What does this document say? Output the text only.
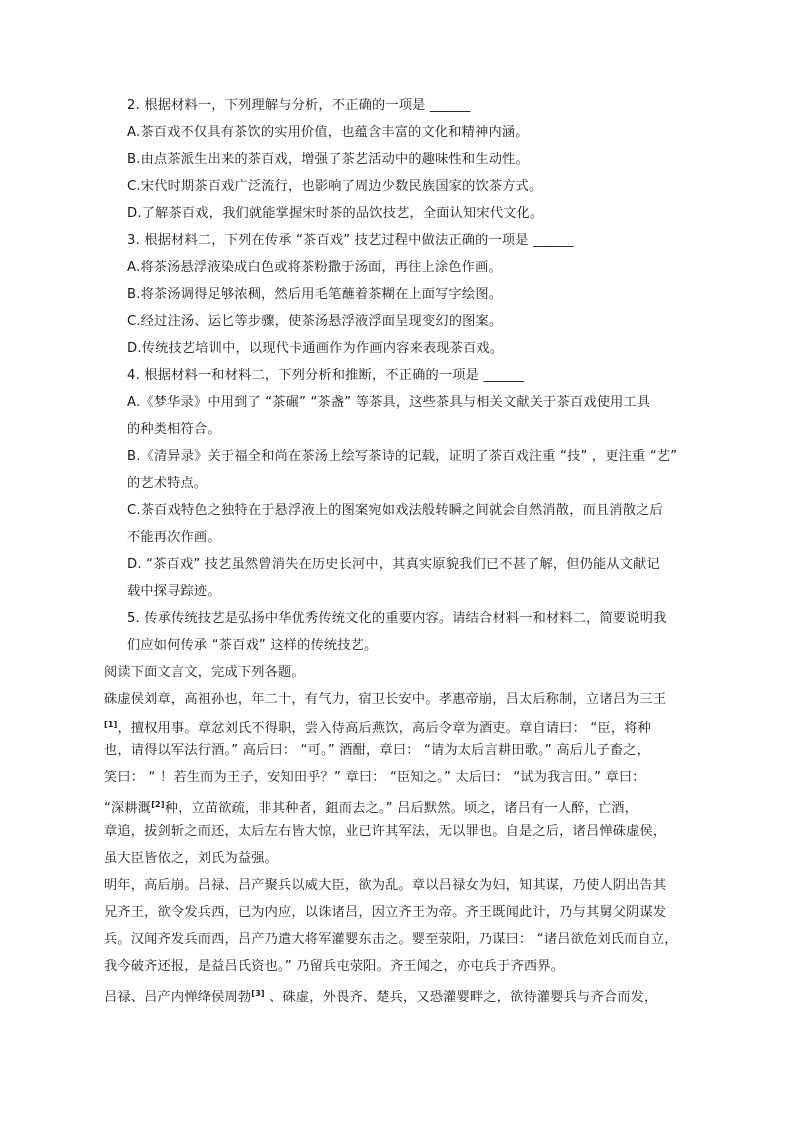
2. 根据材料一，下列理解与分析，不正确的一项是 ______
A.茶百戏不仅具有茶饮的实用价值，也蕴含丰富的文化和精神内涵。
B.由点茶派生出来的茶百戏，增强了茶艺活动中的趣味性和生动性。
C.宋代时期茶百戏广泛流行，也影响了周边少数民族国家的饮茶方式。
D.了解茶百戏，我们就能掌握宋时茶的品饮技艺，全面认知宋代文化。
3. 根据材料二，下列在传承 “茶百戏” 技艺过程中做法正确的一项是 ______
A.将茶汤悬浮液染成白色或将茶粉撒于汤面，再往上涂色作画。
B.将茶汤调得足够浓稠，然后用毛笔蘸着茶糊在上面写字绘图。
C.经过注汤、运匕等步骤，使茶汤悬浮液浮面呈现变幻的图案。
D.传统技艺培训中，以现代卡通画作为作画内容来表现茶百戏。
4. 根据材料一和材料二，下列分析和推断，不正确的一项是 ______
A.《梦华录》中用到了 “茶碾” “茶盏” 等茶具，这些茶具与相关文献关于茶百戏使用工具
的种类相符合。
B.《清异录》关于福全和尚在茶汤上绘写茶诗的记载，证明了茶百戏注重 “技” ，更注重 “艺”
的艺术特点。
C.茶百戏特色之独特在于悬浮液上的图案宛如戏法般转瞬之间就会自然消散，而且消散之后
不能再次作画。
D. “茶百戏” 技艺虽然曾消失在历史长河中，其真实原貌我们已不甚了解，但仍能从文献记
载中探寻踪迹。
5. 传承传统技艺是弘扬中华优秀传统文化的重要内容。请结合材料一和材料二，简要说明我
们应如何传承 “茶百戏” 这样的传统技艺。
阅读下面文言文，完成下列各题。
硃虚侯刘章，高祖孙也，年二十，有气力，宿卫长安中。孝惠帝崩，吕太后称制，立诸吕为三王
[1]，擅权用事。章忿刘氏不得职，尝入侍高后燕饮，高后令章为酒吏。章自请曰： “臣，将种
也，请得以军法行酒。” 高后曰： “可。” 酒酣，章曰： “请为太后言耕田歌。” 高后儿子畜之，
笑曰： “ ！若生而为王子，安知田乎？” 章曰： “臣知之。” 太后曰： “试为我言田。” 章曰：
“深耕溉[2]种，立苗欲疏，非其种者，鉏而去之。” 吕后默然。顷之，诸吕有一人醉，亡酒，
章追，拔剑斩之而还，太后左右皆大惊，业已许其军法，无以罪也。自是之后，诸吕惮硃虚侯，
虽大臣皆依之，刘氏为益强。
明年，高后崩。吕禄、吕产聚兵以威大臣，欲为乱。章以吕禄女为妇，知其谋，乃使人阴出告其
兄齐王，欲令发兵西，已为内应，以诛诸吕，因立齐王为帝。齐王既闻此计，乃与其舅父阴谋发
兵。汉闻齐发兵而西，吕产乃遣大将军灌婴东击之。婴至荥阳，乃谋曰： “诸吕欲危刘氏而自立，
我今破齐还报，是益吕氏资也。” 乃留兵屯荥阳。齐王闻之，亦屯兵于齐西界。
吕禄、吕产内惮绛侯周勃[3] 、硃虚，外畏齐、楚兵，又恐灌婴畔之，欲待灌婴兵与齐合而发，
